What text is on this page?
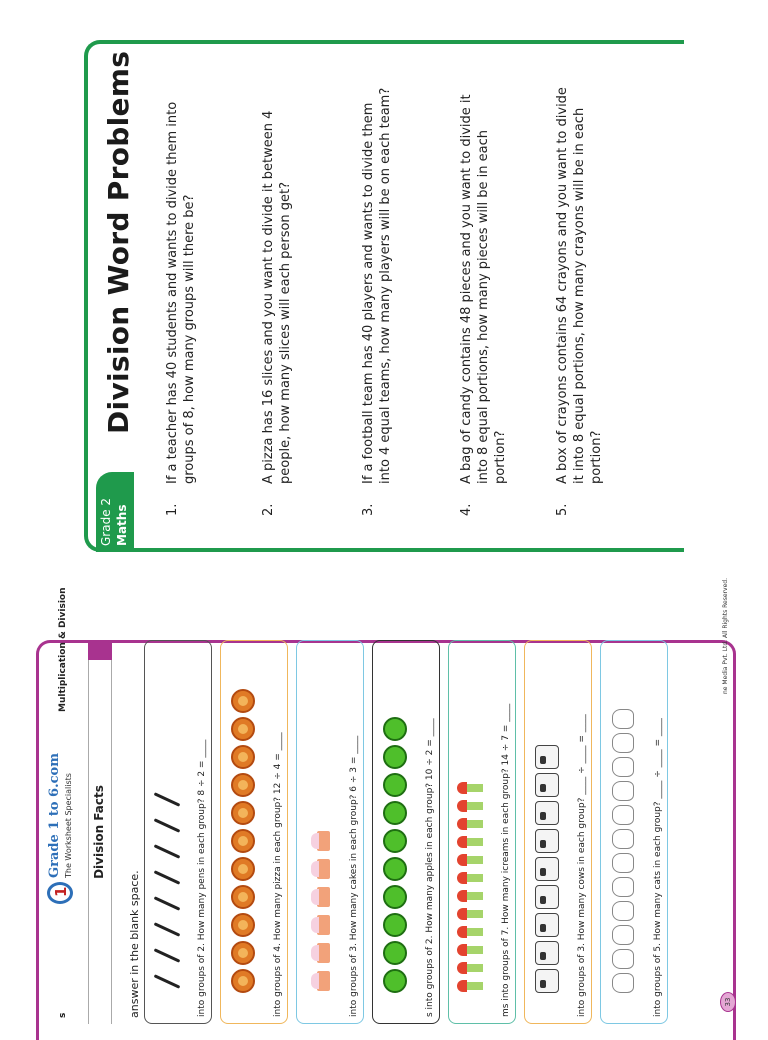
Grade 2 Maths
Division Word Problems
1.
If a teacher has 40 students and wants to divide them into groups of 8, how many groups will there be?
2.
A pizza has 16 slices and you want to divide it between 4 people, how many slices will each person get?
3.
If a football team has 40 players and wants to divide them into 4 equal teams, how many players will be on each team?
4.
A bag of candy contains 48 pieces and you want to divide it into 8 equal portions, how many pieces will be in each portion?
5.
A box of crayons contains 64 crayons and you want to divide it into 8 equal portions, how many crayons will be in each portion?
s
1
Grade 1 to 6.com The Worksheet Specialists
Multiplication & Division
Division Facts
answer in the blank space.	into groups of 2. How many pens in each group? 8 ÷ 2 = ____	into groups of 4. How many pizza in each group? 12 ÷ 4 = ____	into groups of 3. How many cakes in each group? 6 ÷ 3 = ____	s into groups of 2. How many apples in each group? 10 ÷ 2 = ____	ms into groups of 7. How many icreams in each group? 14 ÷ 7 = ____	into groups of 3. How many cows in each group? ____ ÷ ____ = ____	into groups of 5. How many cats in each group? ____ ÷ ____ = ____	33
ne Media Pvt. Ltd. All Rights Reserved.
